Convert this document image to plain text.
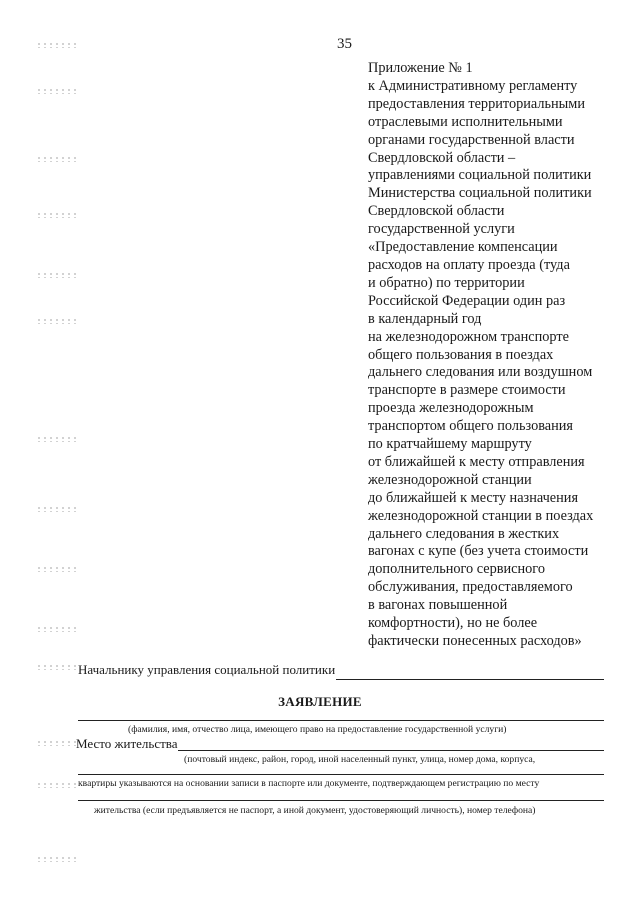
35
Приложение № 1
к Административному регламенту
предоставления территориальными
отраслевыми исполнительными
органами государственной власти
Свердловской области –
управлениями социальной политики
Министерства социальной политики
Свердловской области
государственной услуги
«Предоставление компенсации
расходов на оплату проезда (туда
и обратно) по территории
Российской Федерации один раз
в календарный год
на железнодорожном транспорте
общего пользования в поездах
дальнего следования или воздушном
транспорте в размере стоимости
проезда железнодорожным
транспортом общего пользования
по кратчайшему маршруту
от ближайшей к месту отправления
железнодорожной станции
до ближайшей к месту назначения
железнодорожной станции в поездах
дальнего следования в жестких
вагонах с купе (без учета стоимости
дополнительного сервисного
обслуживания, предоставляемого
в вагонах повышенной
комфортности), но не более
фактически понесенных расходов»
Начальнику управления социальной политики
ЗАЯВЛЕНИЕ
(фамилия, имя, отчество лица, имеющего право на предоставление государственной услуги)
Место жительства
(почтовый индекс, район, город, иной населенный пункт, улица, номер дома, корпуса,
квартиры указываются на основании записи в паспорте или документе, подтверждающем регистрацию по месту
жительства (если предъявляется не паспорт, а иной документ, удостоверяющий личность), номер телефона)
